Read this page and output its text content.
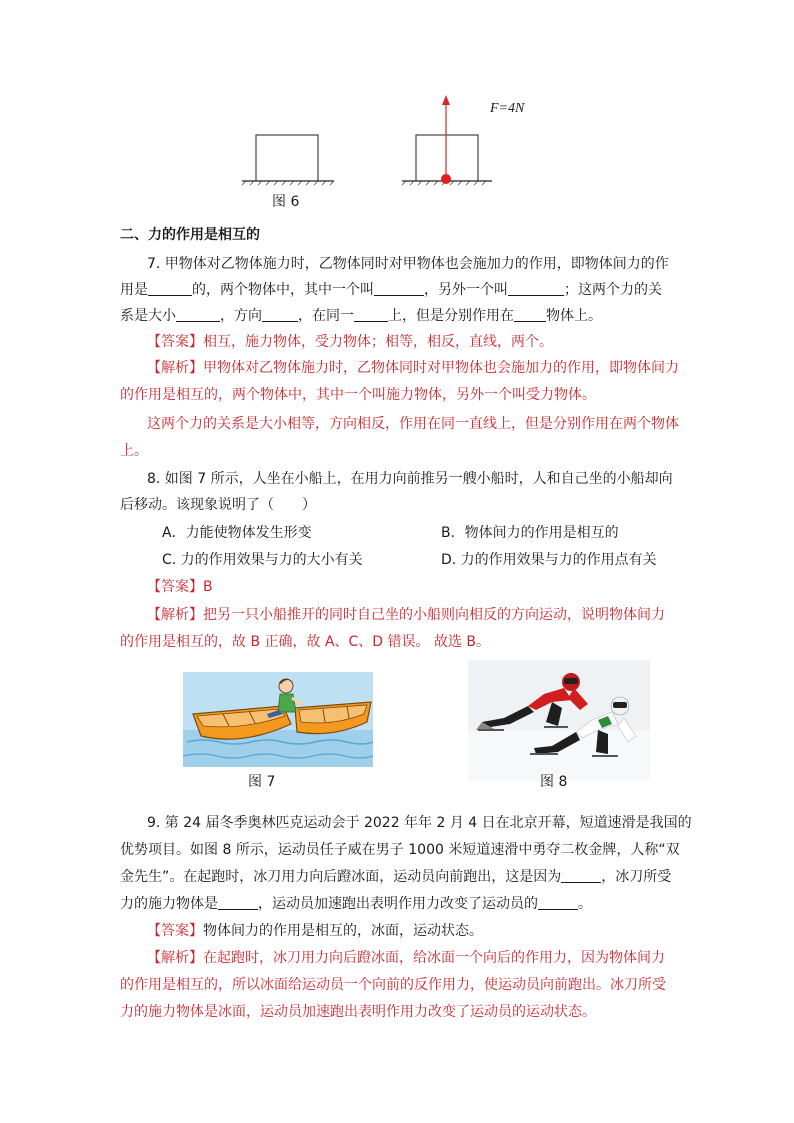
F=4N
图 6
二、力的作用是相互的
7. 甲物体对乙物体施力时，乙物体同时对甲物体也会施加力的作用，即物体间力的作
用是	的，两个物体中，其中一个叫	，另外一个叫	；这两个力的关
系是大小	，方向	，在同一 上，但是分别作用在 物体上。
【答案】相互，施力物体，受力物体；相等，相反，直线，两个。
【解析】甲物体对乙物体施力时，乙物体同时对甲物体也会施加力的作用，即物体间力
的作用是相互的，两个物体中，其中一个叫施力物体，另外一个叫受力物体。
这两个力的关系是大小相等，方向相反，作用在同一直线上，但是分别作用在两个物体
上。
8. 如图 7 所示，人坐在小船上，在用力向前推另一艘小船时，人和自己坐的小船却向
后移动。该现象说明了（　　）
A．力能使物体发生形变	B．物体间力的作用是相互的
C. 力的作用效果与力的大小有关	D. 力的作用效果与力的作用点有关
【答案】B
【解析】把另一只小船推开的同时自己坐的小船则向相反的方向运动，说明物体间力
的作用是相互的，故 B 正确，故 A、C、D 错误。 故选 B。
图 7	图 8
9. 第 24 届冬季奥林匹克运动会于 2022 年年 2 月 4 日在北京开幕，短道速滑是我国的
优势项目。如图 8 所示，运动员任子威在男子 1000 米短道速滑中勇夺二枚金牌，人称“双
金先生”。在起跑时，冰刀用力向后蹬冰面，运动员向前跑出，这是因为	，冰刀所受
力的施力物体是	，运动员加速跑出表明作用力改变了运动员的	。
【答案】物体间力的作用是相互的，冰面，运动状态。
【解析】在起跑时，冰刀用力向后蹬冰面，给冰面一个向后的作用力，因为物体间力
的作用是相互的，所以冰面给运动员一个向前的反作用力，使运动员向前跑出。冰刀所受
力的施力物体是冰面，运动员加速跑出表明作用力改变了运动员的运动状态。
